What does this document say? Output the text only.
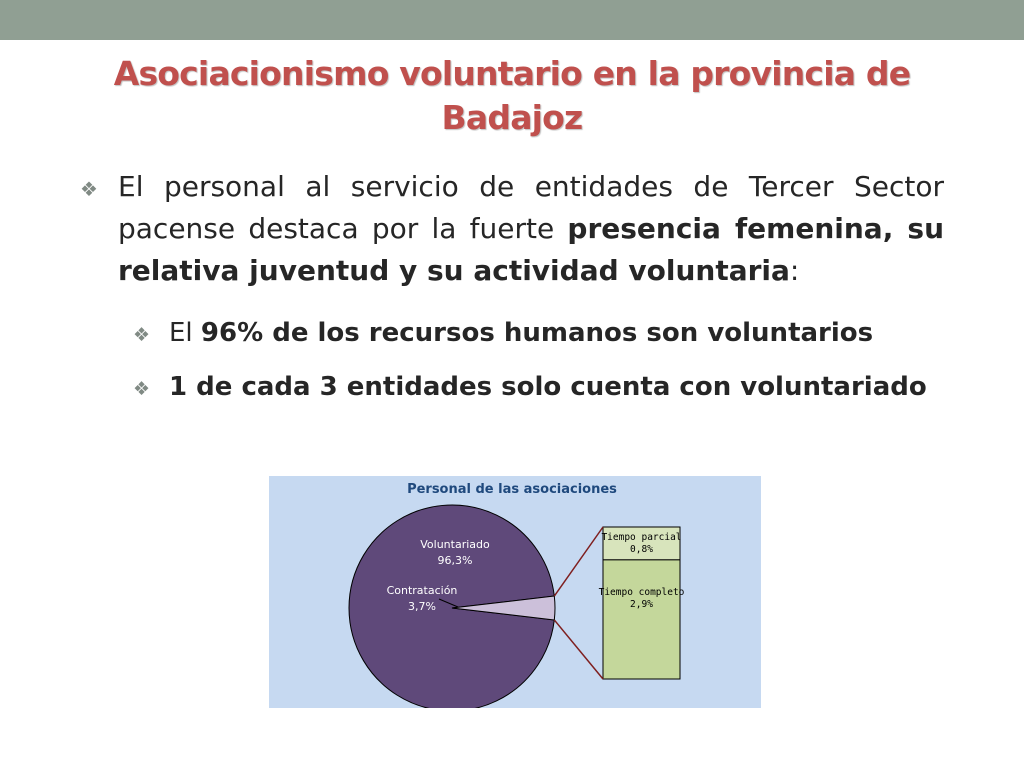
Asociacionismo voluntario en la provincia de
Badajoz
❖ El personal al servicio de entidades de Tercer Sector pacense destaca por la fuerte presencia femenina, su relativa juventud y su actividad voluntaria:
❖ El 96% de los recursos humanos son voluntarios
❖ 1 de cada 3 entidades solo cuenta con voluntariado
Personal de las asociaciones
Voluntariado
96,3%
Contratación
3,7%
Tiempo parcial
0,8%
Tiempo completo
2,9%
